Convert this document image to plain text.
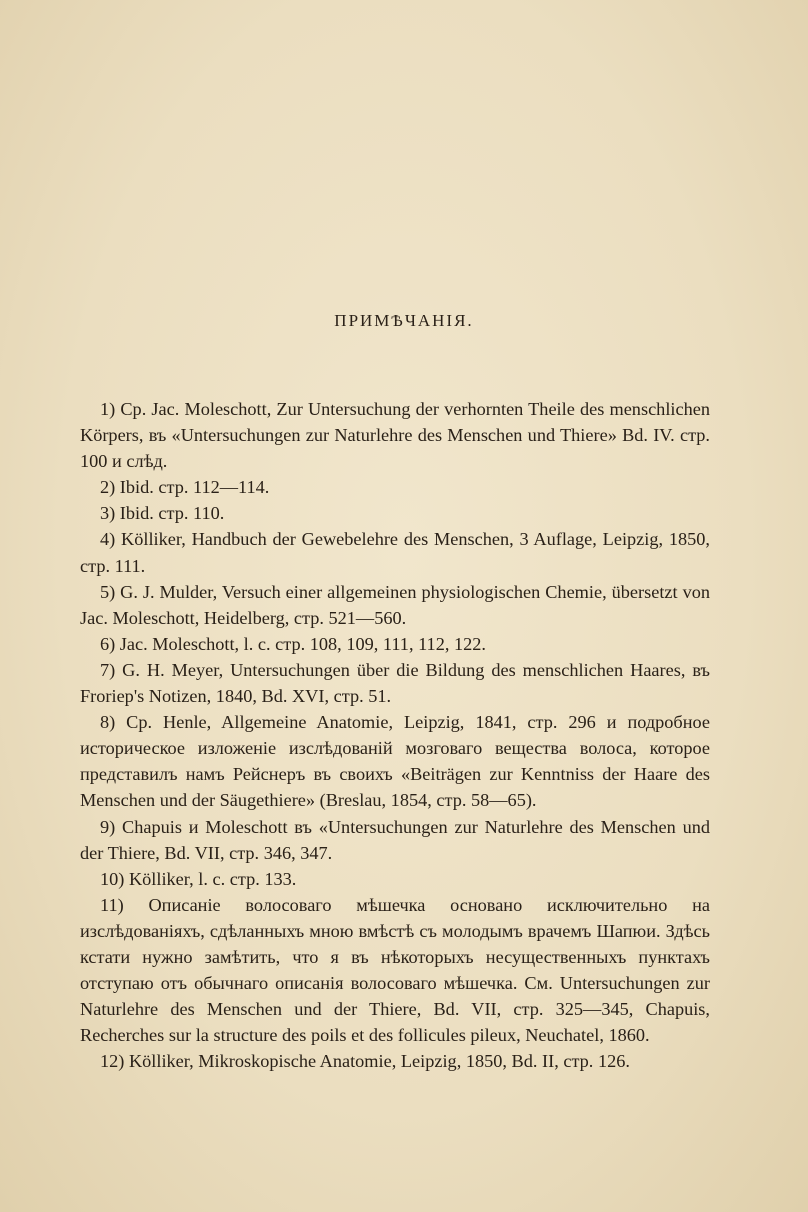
ПРИМѢЧАНІЯ.

1) Ср. Jac. Moleschott, Zur Untersuchung der verhornten Theile des menschlichen Körpers, въ «Untersuchungen zur Naturlehre des Menschen und Thiere» Bd. IV. стр. 100 и слѣд.

2) Ibid. стр. 112—114.

3) Ibid. стр. 110.

4) Kölliker, Handbuch der Gewebelehre des Menschen, 3 Auflage, Leipzig, 1850, стр. 111.

5) G. J. Mulder, Versuch einer allgemeinen physiologischen Chemie, übersetzt von Jac. Moleschott, Heidelberg, стр. 521—560.

6) Jac. Moleschott, l. c. стр. 108, 109, 111, 112, 122.

7) G. H. Meyer, Untersuchungen über die Bildung des menschlichen Haares, въ Froriep's Notizen, 1840, Bd. XVI, стр. 51.

8) Ср. Henle, Allgemeine Anatomie, Leipzig, 1841, стр. 296 и подробное историческое изложеніе изслѣдованій мозговаго вещества волоса, которое представилъ намъ Рейснеръ въ своихъ «Beiträgen zur Kenntniss der Haare des Menschen und der Säugethiere» (Breslau, 1854, стр. 58—65).

9) Chapuis и Moleschott въ «Untersuchungen zur Naturlehre des Menschen und der Thiere, Bd. VII, стр. 346, 347.

10) Kölliker, l. c. стр. 133.

11) Описаніе волосоваго мѣшечка основано исключительно на изслѣдованіяхъ, сдѣланныхъ мною вмѣстѣ съ молодымъ врачемъ Шапюи. Здѣсь кстати нужно замѣтить, что я въ нѣкоторыхъ несущественныхъ пунктахъ отступаю отъ обычнаго описанія волосоваго мѣшечка. См. Untersuchungen zur Naturlehre des Menschen und der Thiere, Bd. VII, стр. 325—345, Chapuis, Recherches sur la structure des poils et des follicules pileux, Neuchatel, 1860.

12) Kölliker, Mikroskopische Anatomie, Leipzig, 1850, Bd. II, стр. 126.
